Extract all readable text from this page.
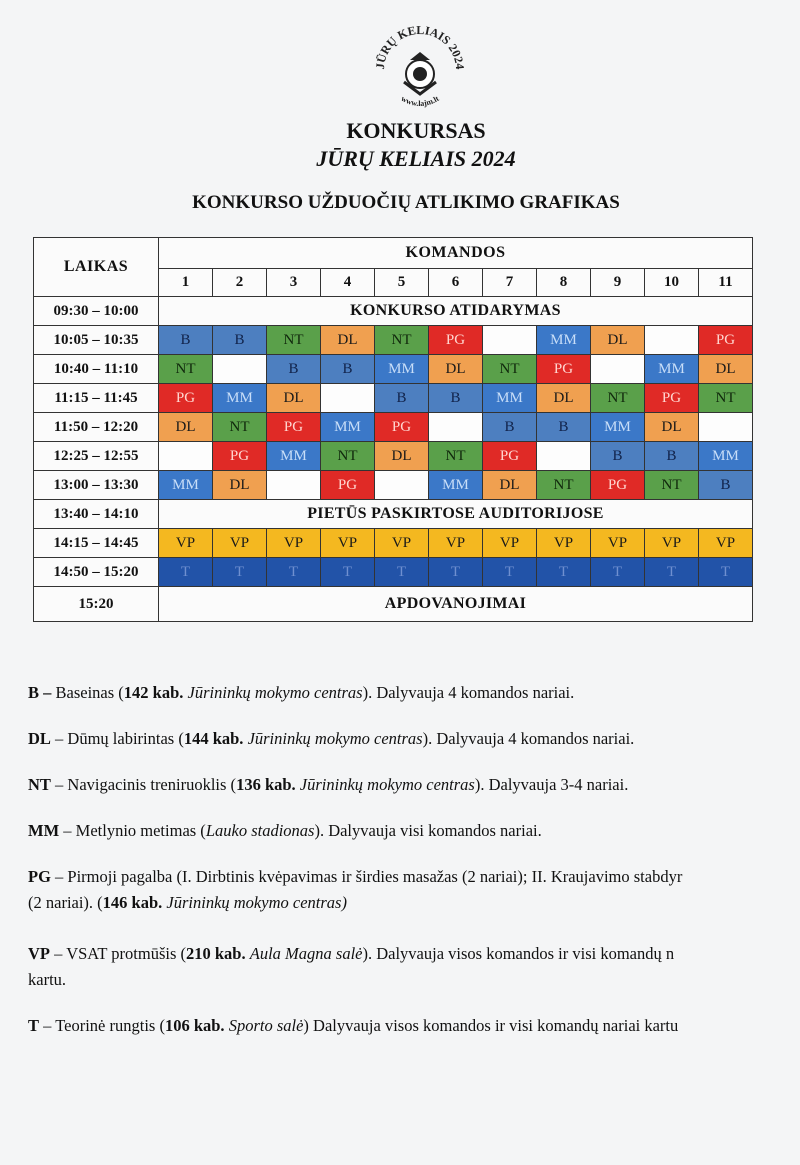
JŪRŲ KELIAIS 2024
www.lajm.lt
KONKURSAS
JŪRŲ KELIAIS 2024
KONKURSO UŽDUOČIŲ ATLIKIMO GRAFIKAS
LAIKAS	KOMANDOS										
	1	2	3	4	5	6	7	8	9	10	11
09:30 – 10:00	KONKURSO ATIDARYMAS										
10:05 – 10:35	B	B	NT	DL	NT	PG		MM	DL		PG
10:40 – 11:10	NT		B	B	MM	DL	NT	PG		MM	DL
11:15 – 11:45	PG	MM	DL		B	B	MM	DL	NT	PG	NT
11:50 – 12:20	DL	NT	PG	MM	PG		B	B	MM	DL	
12:25 – 12:55		PG	MM	NT	DL	NT	PG		B	B	MM
13:00 – 13:30	MM	DL		PG		MM	DL	NT	PG	NT	B
13:40 – 14:10	PIETŪS PASKIRTOSE AUDITORIJOSE										
14:15 – 14:45	VP	VP	VP	VP	VP	VP	VP	VP	VP	VP	VP
14:50 – 15:20	T	T	T	T	T	T	T	T	T	T	T
15:20	APDOVANOJIMAI										
B – Baseinas (142 kab. Jūrininkų mokymo centras). Dalyvauja 4 komandos nariai.
DL – Dūmų labirintas (144 kab. Jūrininkų mokymo centras). Dalyvauja 4 komandos nariai.
NT – Navigacinis treniruoklis (136 kab. Jūrininkų mokymo centras). Dalyvauja 3-4 nariai.
MM – Metlynio metimas (Lauko stadionas). Dalyvauja visi komandos nariai.
PG – Pirmoji pagalba (I. Dirbtinis kvėpavimas ir širdies masažas (2 nariai); II. Kraujavimo stabdyr
(2 nariai). (146 kab. Jūrininkų mokymo centras)
VP – VSAT protmūšis (210 kab. Aula Magna salė). Dalyvauja visos komandos ir visi komandų n
kartu.
T – Teorinė rungtis (106 kab. Sporto salė) Dalyvauja visos komandos ir visi komandų nariai kartu
